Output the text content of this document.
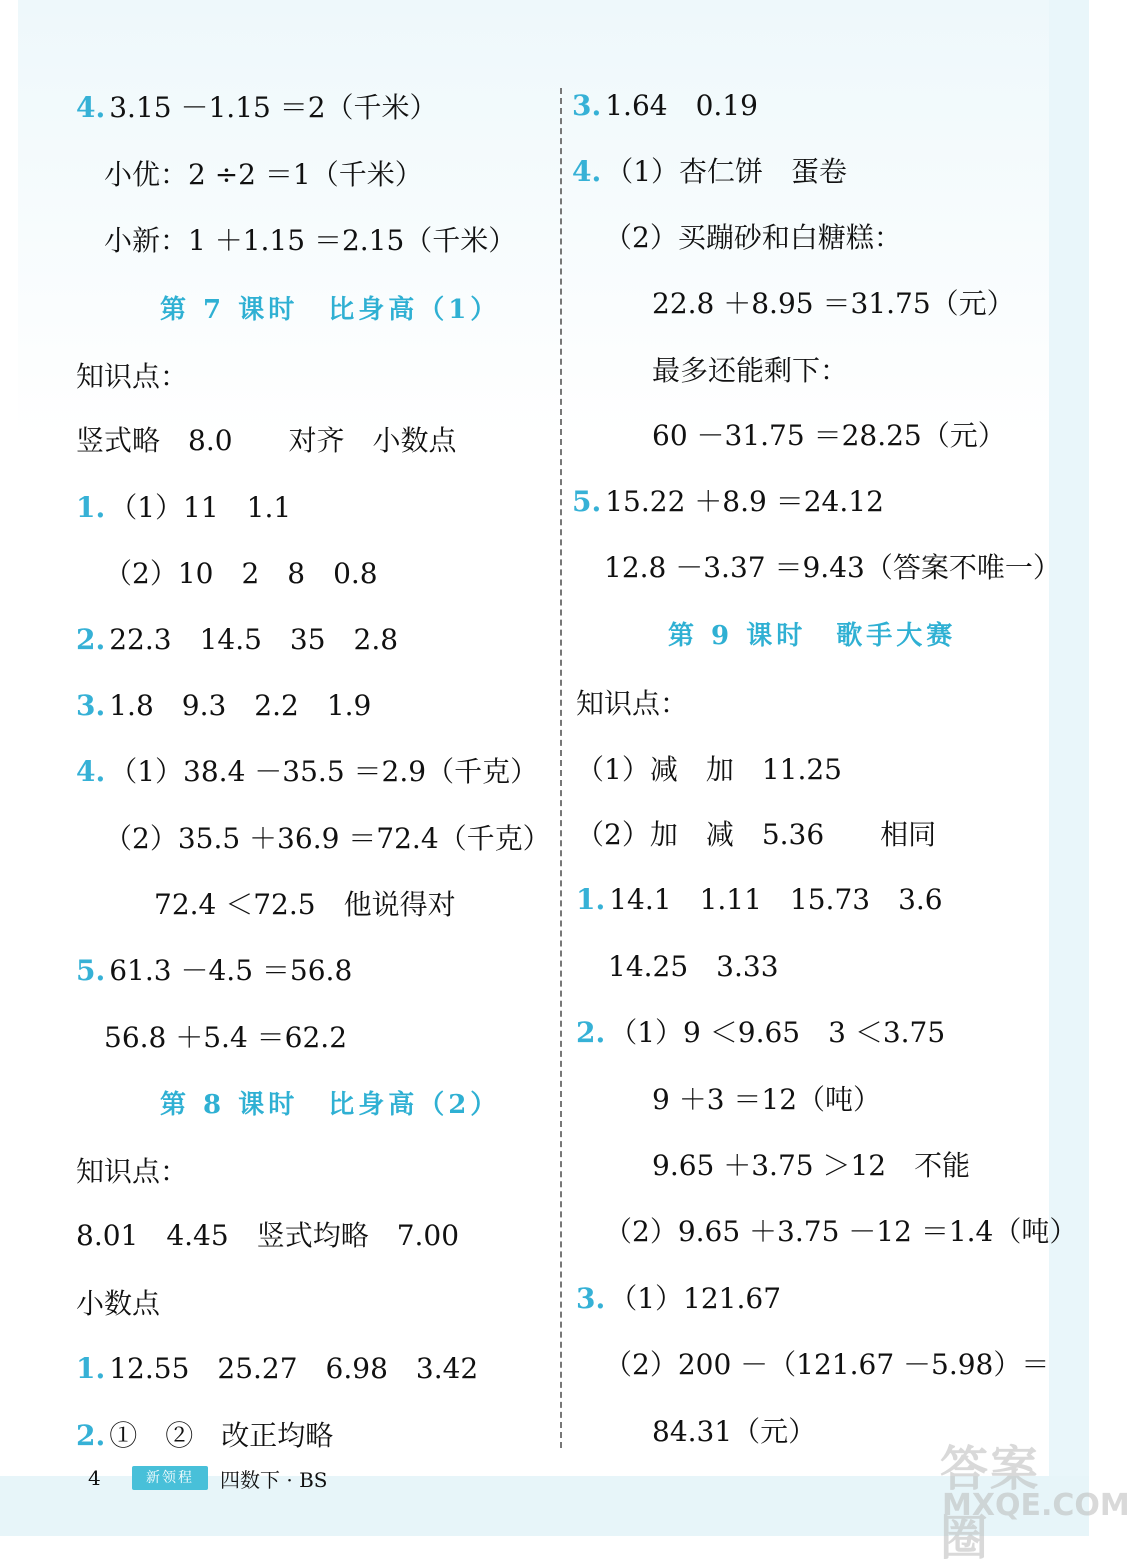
4. 3.15 －1.15 ＝2（千米）
小优：2 ÷2 ＝1（千米）
小新：1 ＋1.15 ＝2.15（千米）
第 7 课时　比身高（1）
知识点：
竖式略　8.0　　对齐　小数点
1. （1）11　1.1
（2）10　2　8　0.8
2. 22.3　14.5　35　2.8
3. 1.8　9.3　2.2　1.9
4. （1）38.4 －35.5 ＝2.9（千克）
（2）35.5 ＋36.9 ＝72.4（千克）
72.4 ＜72.5　他说得对
5. 61.3 －4.5 ＝56.8
56.8 ＋5.4 ＝62.2
第 8 课时　比身高（2）
知识点：
8.01　4.45　竖式均略　7.00
小数点
1. 12.55　25.27　6.98　3.42
2. ①　②　改正均略
3. 1.64　0.19
4. （1）杏仁饼　蛋卷
（2）买蹦砂和白糖糕：
22.8 ＋8.95 ＝31.75（元）
最多还能剩下：
60 －31.75 ＝28.25（元）
5. 15.22 ＋8.9 ＝24.12
12.8 －3.37 ＝9.43（答案不唯一）
第 9 课时　歌手大赛
知识点：
（1）减　加　11.25
（2）加　减　5.36　　相同
1. 14.1　1.11　15.73　3.6
14.25　3.33
2. （1）9 ＜9.65　3 ＜3.75
9 ＋3 ＝12（吨）
9.65 ＋3.75 ＞12　不能
（2）9.65 ＋3.75 －12 ＝1.4（吨）
3. （1）121.67
（2）200 －（121.67 －5.98）＝
84.31（元）
4	新领程	四数下 · BS	答案圈
MXQE.COM
